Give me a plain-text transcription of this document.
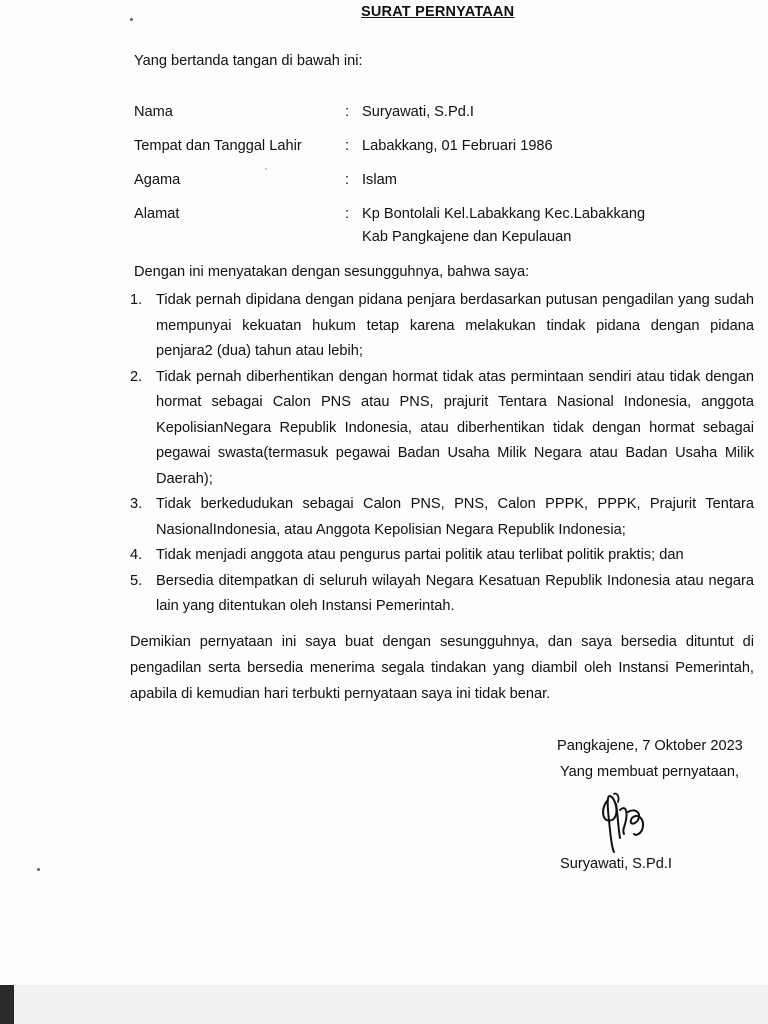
SURAT PERNYATAAN
Yang bertanda tangan di bawah ini:
Nama	: Suryawati, S.Pd.I
Tempat dan Tanggal Lahir	: Labakkang, 01 Februari 1986
Agama	: Islam
Alamat	: Kp Bontolali Kel.Labakkang Kec.Labakkang
Kab Pangkajene dan Kepulauan
Dengan ini menyatakan dengan sesungguhnya, bahwa saya:
1. Tidak pernah dipidana dengan pidana penjara berdasarkan putusan pengadilan yang sudah mempunyai kekuatan hukum tetap karena melakukan tindak pidana dengan pidana penjara2 (dua) tahun atau lebih;
2. Tidak pernah diberhentikan dengan hormat tidak atas permintaan sendiri atau tidak dengan hormat sebagai Calon PNS atau PNS, prajurit Tentara Nasional Indonesia, anggota KepolisianNegara Republik Indonesia, atau diberhentikan tidak dengan hormat sebagai pegawai swasta(termasuk pegawai Badan Usaha Milik Negara atau Badan Usaha Milik Daerah);
3. Tidak berkedudukan sebagai Calon PNS, PNS, Calon PPPK, PPPK, Prajurit Tentara NasionalIndonesia, atau Anggota Kepolisian Negara Republik Indonesia;
4. Tidak menjadi anggota atau pengurus partai politik atau terlibat politik praktis; dan
5. Bersedia ditempatkan di seluruh wilayah Negara Kesatuan Republik Indonesia atau negara lain yang ditentukan oleh Instansi Pemerintah.
Demikian pernyataan ini saya buat dengan sesungguhnya, dan saya bersedia dituntut di pengadilan serta bersedia menerima segala tindakan yang diambil oleh Instansi Pemerintah, apabila di kemudian hari terbukti pernyataan saya ini tidak benar.
Pangkajene, 7 Oktober 2023
Yang membuat pernyataan,
Suryawati, S.Pd.I
